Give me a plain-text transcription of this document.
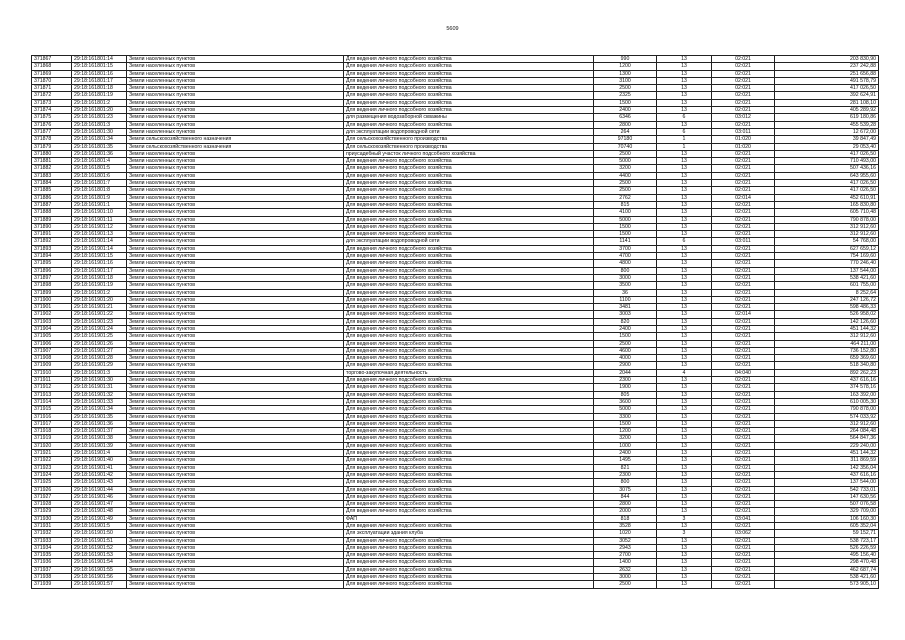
5609
371867	29:18:161801:14	Земли населенных пунктов	Для ведения личного подсобного хозяйства	990	13	02:021	203 830,90
371868	29:18:161801:15	Земли населенных пунктов	Для ведения личного подсобного хозяйства	1200	13	02:021	237 242,88
371869	29:18:161801:16	Земли населенных пунктов	Для ведения личного подсобного хозяйства	1300	13	02:021	251 656,88
371870	29:18:161801:17	Земли населенных пунктов	Для ведения личного подсобного хозяйства	3100	13	02:021	491 578,79
371871	29:18:161801:18	Земли населенных пунктов	Для ведения личного подсобного хозяйства	2500	13	02:021	417 026,50
371872	29:18:161801:19	Земли населенных пунктов	Для ведения личного подсобного хозяйства	2325	13	02:021	392 624,91
371873	29:18:161801:2	Земли населенных пунктов	Для ведения личного подсобного хозяйства	1500	13	02:021	281 108,10
371874	29:18:161801:20	Земли населенных пунктов	Для ведения личного подсобного хозяйства	2400	13	02:021	405 289,92
371875	29:18:161801:23	Земли населенных пунктов	для размещения водозаборной скважины	6346	6	03:012	619 180,86
371876	29:18:161801:3	Земли населенных пунктов	Для ведения личного подсобного хозяйства	2800	13	02:021	455 539,28
371877	29:18:161801:30	Земли населенных пунктов	для эксплуатации водопроводной сети	264	6	03:011	12 672,00
371878	29:18:161801:34	Земли сельскохозяйственного назначения	Для сельскохозяйственного производства	97180	1	01:020	39 847,49
371879	29:18:161801:35	Земли сельскохозяйственного назначения	Для сельскохозяйственного производства	70740	1	01:020	29 053,40
371880	29:18:161801:36	Земли населенных пунктов	приусадебный участок личного подсобного хозяйства	2500	13	02:021	417 026,50
371881	29:18:161801:4	Земли населенных пунктов	Для ведения личного подсобного хозяйства	5000	13	02:021	710 493,00
371882	29:18:161801:5	Земли населенных пунктов	Для ведения личного подсобного хозяйства	3200	13	02:021	507 436,16
371883	29:18:161801:6	Земли населенных пунктов	Для ведения личного подсобного хозяйства	4400	13	02:021	643 955,60
371884	29:18:161801:7	Земли населенных пунктов	Для ведения личного подсобного хозяйства	2500	13	02:021	417 026,50
371885	29:18:161801:8	Земли населенных пунктов	Для ведения личного подсобного хозяйства	2500	13	02:021	417 026,50
371886	29:18:161801:9	Земли населенных пунктов	Для ведения личного подсобного хозяйства	2762	13	02:014	452 610,91
371887	29:18:161901:1	Земли населенных пунктов	Для ведения личного подсобного хозяйства	815	13	02:021	165 830,80
371888	29:18:161901:10	Земли населенных пунктов	Для ведения личного подсобного хозяйства	4100	13	02:021	605 710,48
371889	29:18:161901:11	Земли населенных пунктов	Для ведения личного подсобного хозяйства	5000	13	02:021	790 878,00
371890	29:18:161901:12	Земли населенных пунктов	Для ведения личного подсобного хозяйства	1500	13	02:021	312 912,60
371891	29:18:161901:13	Земли населенных пунктов	Для ведения личного подсобного хозяйства	1500	13	02:021	312 912,60
371892	29:18:161901:14	Земли населенных пунктов	для эксплуатации водопроводной сети	1141	6	03:011	54 768,00
371893	29:18:161901:14	Земли населенных пунктов	Для ведения личного подсобного хозяйства	3700	13	02:021	627 659,12
371894	29:18:161901:15	Земли населенных пунктов	Для ведения личного подсобного хозяйства	4700	13	02:021	754 169,60
371895	29:18:161901:16	Земли населенных пунктов	Для ведения личного подсобного хозяйства	4800	13	02:021	770 246,40
371896	29:18:161901:17	Земли населенных пунктов	Для ведения личного подсобного хозяйства	800	13	02:021	137 544,00
371897	29:18:161901:18	Земли населенных пунктов	Для ведения личного подсобного хозяйства	3000	13	02:021	538 421,60
371898	29:18:161901:19	Земли населенных пунктов	Для ведения личного подсобного хозяйства	3500	13	02:021	601 755,00
371899	29:18:161901:2	Земли населенных пунктов	Для ведения личного подсобного хозяйства	36	13	02:021	8 252,64
371900	29:18:161901:20	Земли населенных пунктов	Для ведения личного подсобного хозяйства	1100	13	02:021	247 126,72
371901	29:18:161901:21	Земли населенных пунктов	Для ведения личного подсобного хозяйства	3481	13	02:021	598 486,33
371902	29:18:161901:22	Земли населенных пунктов	Для ведения личного подсобного хозяйства	3003	13	02:014	526 958,02
371903	29:18:161901:23	Земли населенных пунктов	Для ведения личного подсобного хозяйства	820	13	02:021	142 126,60
371904	29:18:161901:24	Земли населенных пунктов	Для ведения личного подсобного хозяйства	2400	13	02:021	451 144,32
371905	29:18:161901:25	Земли населенных пунктов	Для ведения личного подсобного хозяйства	1500	13	02:021	312 912,60
371906	29:18:161901:26	Земли населенных пунктов	Для ведения личного подсобного хозяйства	2500	13	02:021	464 211,00
371907	29:18:161901:27	Земли населенных пунктов	Для ведения личного подсобного хозяйства	4600	13	02:021	736 152,80
371908	29:18:161901:28	Земли населенных пунктов	Для ведения личного подсобного хозяйства	4000	13	02:021	659 369,60
371909	29:18:161901:29	Земли населенных пунктов	Для ведения личного подсобного хозяйства	2900	13	02:021	518 340,80
371910	29:18:161901:3	Земли населенных пунктов	торгово-закупочная деятельность	2044	4	04:040	892 262,23
371911	29:18:161901:30	Земли населенных пунктов	Для ведения личного подсобного хозяйства	2300	13	02:021	437 616,16
371912	29:18:161901:31	Земли населенных пунктов	Для ведения личного подсобного хозяйства	1900	13	02:021	374 578,16
371913	29:18:161901:32	Земли населенных пунктов	Для ведения личного подсобного хозяйства	805	13	02:021	163 392,00
371914	29:18:161901:33	Земли населенных пунктов	Для ведения личного подсобного хозяйства	3600	13	02:021	610 005,30
371915	29:18:161901:34	Земли населенных пунктов	Для ведения личного подсобного хозяйства	5000	13	02:021	790 878,00
371916	29:18:161901:35	Земли населенных пунктов	Для ведения личного подсобного хозяйства	3300	13	02:021	574 033,92
371917	29:18:161901:36	Земли населенных пунктов	Для ведения личного подсобного хозяйства	1500	13	02:021	312 912,60
371918	29:18:161901:37	Земли населенных пунктов	Для ведения личного подсобного хозяйства	1200	13	02:021	264 084,48
371919	29:18:161901:38	Земли населенных пунктов	Для ведения личного подсобного хозяйства	3200	13	02:021	564 847,36
371920	29:18:161901:39	Земли населенных пунктов	Для ведения личного подсобного хозяйства	1000	13	02:021	229 240,00
371921	29:18:161901:4	Земли населенных пунктов	Для ведения личного подсобного хозяйства	2400	13	02:021	451 144,32
371922	29:18:161901:40	Земли населенных пунктов	Для ведения личного подсобного хозяйства	1495	13	02:021	311 869,59
371923	29:18:161901:41	Земли населенных пунктов	Для ведения личного подсобного хозяйства	821	13	02:021	142 356,04
371924	29:18:161901:42	Земли населенных пунктов	Для ведения личного подсобного хозяйства	2300	13	02:021	437 616,16
371925	29:18:161901:43	Земли населенных пунктов	Для ведения личного подсобного хозяйства	800	13	02:021	137 544,00
371926	29:18:161901:44	Земли населенных пунктов	Для ведения личного подсобного хозяйства	3075	13	02:021	542 733,01
371927	29:18:161901:46	Земли населенных пунктов	Для ведения личного подсобного хозяйства	844	13	02:021	147 630,56
371928	29:18:161901:47	Земли населенных пунктов	Для ведения личного подсобного хозяйства	2800	13	02:021	507 076,58
371929	29:18:161901:48	Земли населенных пунктов	Для ведения личного подсобного хозяйства	2000	13	02:021	329 709,00
371930	29:18:161901:49	Земли населенных пунктов	ФАП	818	3	03:041	106 160,30
371931	29:18:161901:5	Земли населенных пунктов	Для ведения личного подсобного хозяйства	3528	13	02:021	605 352,04
371932	29:18:161901:50	Земли населенных пунктов	Для эксплуатации здания клуба	1020	3	03:062	59 152,71
371933	29:18:161901:51	Земли населенных пунктов	Для ведения личного подсобного хозяйства	3052	13	02:021	538 723,17
371934	29:18:161901:52	Земли населенных пунктов	Для ведения личного подсобного хозяйства	2943	13	02:021	526 226,59
371935	29:18:161901:53	Земли населенных пунктов	Для ведения личного подсобного хозяйства	2700	13	02:021	495 156,40
371936	29:18:161901:54	Земли населенных пунктов	Для ведения личного подсобного хозяйства	1400	13	02:021	298 470,48
371937	29:18:161901:55	Земли населенных пунктов	Для ведения личного подсобного хозяйства	2632	13	02:021	462 687,74
371938	29:18:161901:56	Земли населенных пунктов	Для ведения личного подсобного хозяйства	3000	13	02:021	538 421,60
371939	29:18:161901:57	Земли населенных пунктов	Для ведения личного подсобного хозяйства	2500	13	02:021	573 905,10
